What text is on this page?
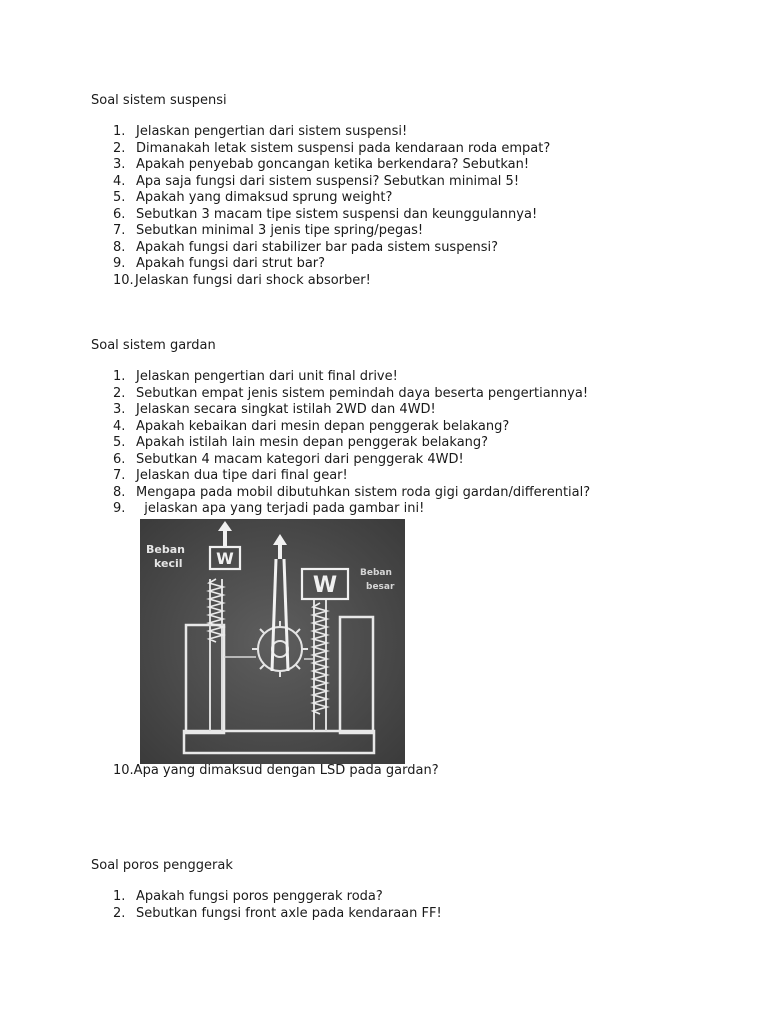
Soal sistem suspensi
1. Jelaskan pengertian dari sistem suspensi!
2. Dimanakah letak sistem suspensi pada kendaraan roda empat?
3. Apakah penyebab goncangan ketika berkendara? Sebutkan!
4. Apa saja fungsi dari sistem suspensi? Sebutkan minimal 5!
5. Apakah yang dimaksud sprung weight?
6. Sebutkan 3 macam tipe sistem suspensi dan keunggulannya!
7. Sebutkan minimal 3 jenis tipe spring/pegas!
8. Apakah fungsi dari stabilizer bar pada sistem suspensi?
9. Apakah fungsi dari strut bar?
10. Jelaskan fungsi dari shock absorber!
Soal sistem gardan
1. Jelaskan pengertian dari unit final drive!
2. Sebutkan empat jenis sistem pemindah daya beserta pengertiannya!
3. Jelaskan secara singkat istilah 2WD dan 4WD!
4. Apakah kebaikan dari mesin depan penggerak belakang?
5. Apakah istilah lain mesin depan penggerak belakang?
6. Sebutkan 4 macam kategori dari penggerak 4WD!
7. Jelaskan dua tipe dari final gear!
8. Mengapa pada mobil dibutuhkan sistem roda gigi gardan/differential?
9. jelaskan apa yang terjadi pada gambar ini!
W
W
Beban
kecil
Beban
besar
10.Apa yang dimaksud dengan LSD pada gardan?
Soal poros penggerak
1. Apakah fungsi poros penggerak roda?
2. Sebutkan fungsi front axle pada kendaraan FF!
